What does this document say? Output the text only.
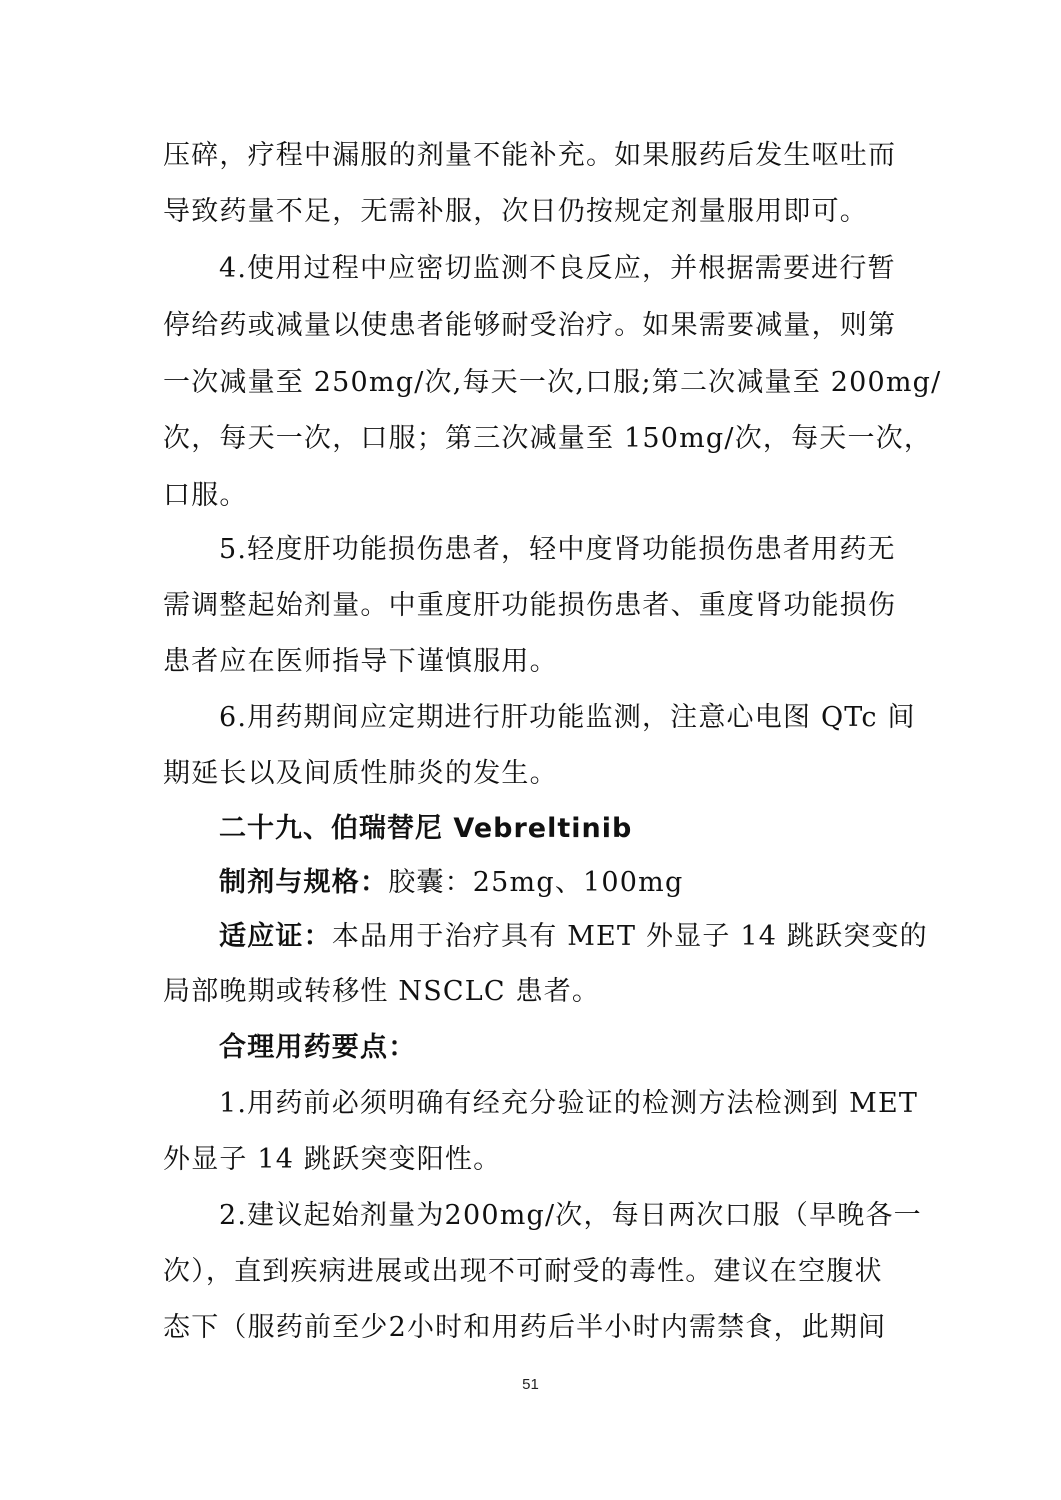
压碎，疗程中漏服的剂量不能补充。如果服药后发生呕吐而
导致药量不足，无需补服，次日仍按规定剂量服用即可。
4.使用过程中应密切监测不良反应，并根据需要进行暂
停给药或减量以使患者能够耐受治疗。如果需要减量，则第
一次减量至 250mg/次,每天一次,口服;第二次减量至 200mg/
次，每天一次，口服；第三次减量至 150mg/次，每天一次，
口服。
5.轻度肝功能损伤患者，轻中度肾功能损伤患者用药无
需调整起始剂量。中重度肝功能损伤患者、重度肾功能损伤
患者应在医师指导下谨慎服用。
6.用药期间应定期进行肝功能监测，注意心电图 QTc 间
期延长以及间质性肺炎的发生。
二十九、伯瑞替尼 Vebreltinib
制剂与规格：胶囊：25mg、100mg
适应证：本品用于治疗具有 MET 外显子 14 跳跃突变的
局部晚期或转移性 NSCLC 患者。
合理用药要点：
1.用药前必须明确有经充分验证的检测方法检测到 MET
外显子 14 跳跃突变阳性。
2.建议起始剂量为200mg/次，每日两次口服（早晚各一
次），直到疾病进展或出现不可耐受的毒性。建议在空腹状
态下（服药前至少2小时和用药后半小时内需禁食，此期间
51
